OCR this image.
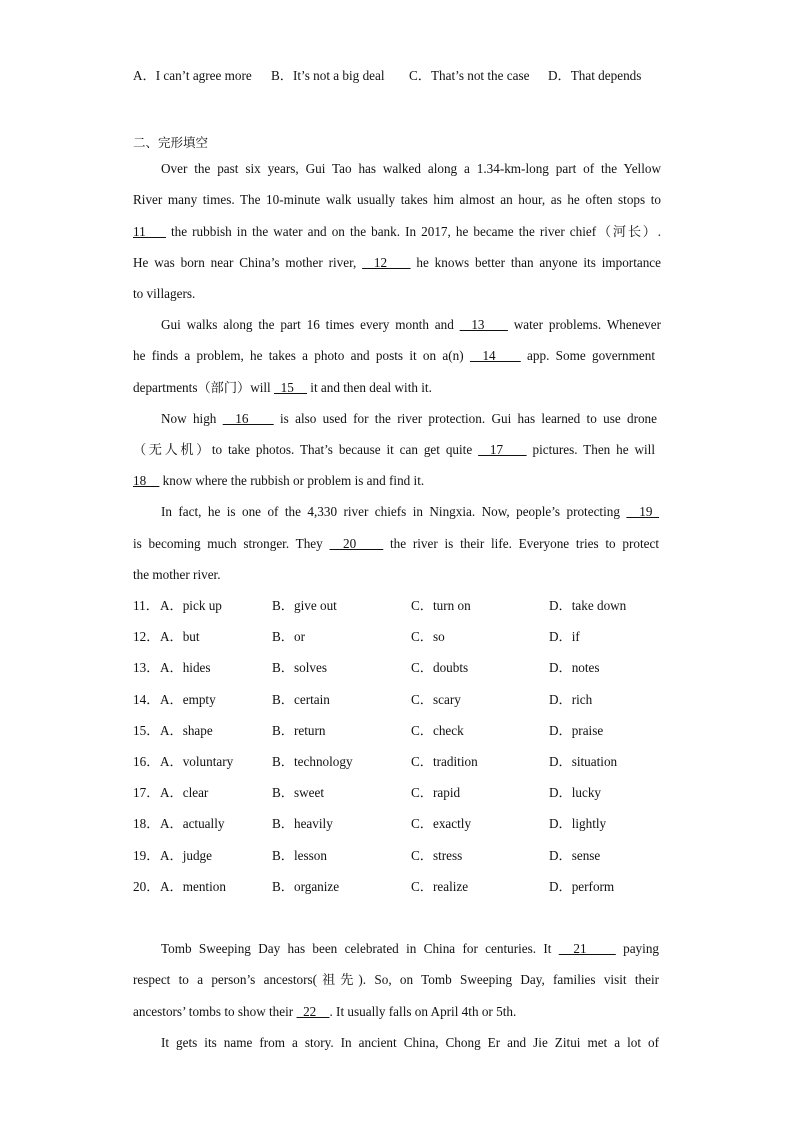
A．I can’t agree more B．It’s not a big deal C．That’s not the case D．That depends
二、完形填空
Over the past six years, Gui Tao has walked along a 1.34-km-long part of the Yellow
River many times. The 10-minute walk usually takes him almost an hour, as he often stops to
11     the rubbish in the water and on the bank. In 2017, he became the river chief（河长）.
He was born near China’s mother river,   12     he knows better than anyone its importance
to villagers.
Gui walks along the part 16 times every month and   13     water problems. Whenever
he finds a problem, he takes a photo and posts it on a(n)   14     app. Some government
departments（部门）will   15     it and then deal with it.
Now high   16     is also used for the river protection. Gui has learned to use drone
（无人机）to take photos. That’s because it can get quite   17     pictures. Then he will
18     know where the rubbish or problem is and find it.
In fact, he is one of the 4,330 river chiefs in Ningxia. Now, people’s protecting   19
is becoming much stronger. They   20     the river is their life. Everyone tries to protect
the mother river.
11． A．pick up	B．give out	C．turn on	D．take down
12． A．but	B．or	C．so	D．if
13． A．hides	B．solves	C．doubts	D．notes
14． A．empty	B．certain	C．scary	D．rich
15． A．shape	B．return	C．check	D．praise
16． A．voluntary	B．technology	C．tradition	D．situation
17． A．clear	B．sweet	C．rapid	D．lucky
18． A．actually	B．heavily	C．exactly	D．lightly
19． A．judge	B．lesson	C．stress	D．sense
20． A．mention	B．organize	C．realize	D．perform
Tomb Sweeping Day has been celebrated in China for centuries. It   21     paying
respect to a person’s ancestors(祖先). So, on Tomb Sweeping Day, families visit their
ancestors’ tombs to show their   22    . It usually falls on April 4th or 5th.
It gets its name from a story. In ancient China, Chong Er and Jie Zitui met a lot of
